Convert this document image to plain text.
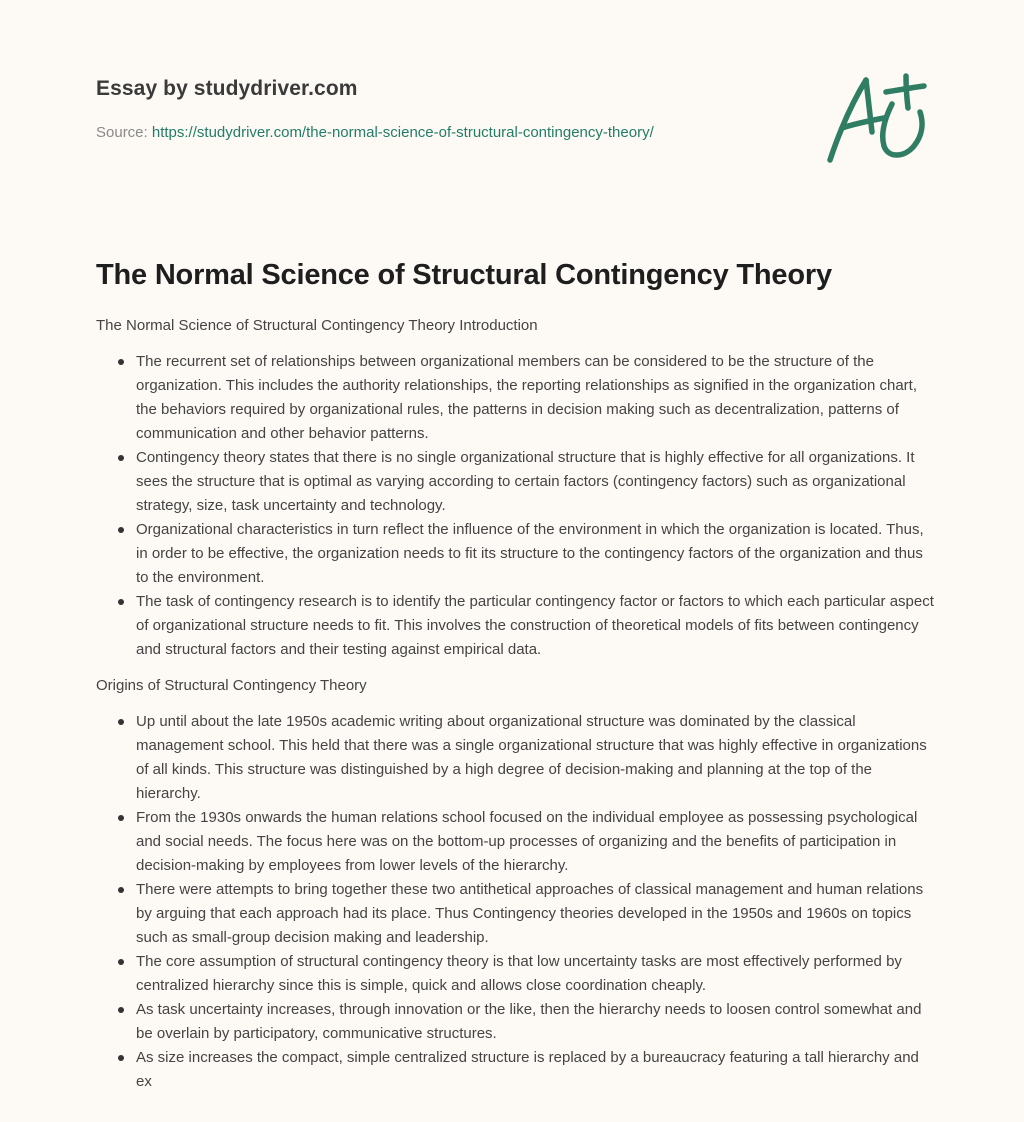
Essay by studydriver.com
Source: https://studydriver.com/the-normal-science-of-structural-contingency-theory/
The Normal Science of Structural Contingency Theory

The Normal Science of Structural Contingency Theory Introduction

The recurrent set of relationships between organizational members can be considered to be the structure of the organization. This includes the authority relationships, the reporting relationships as signified in the organization chart, the behaviors required by organizational rules, the patterns in decision making such as decentralization, patterns of communication and other behavior patterns.
Contingency theory states that there is no single organizational structure that is highly effective for all organizations. It sees the structure that is optimal as varying according to certain factors (contingency factors) such as organizational strategy, size, task uncertainty and technology.
Organizational characteristics in turn reflect the influence of the environment in which the organization is located. Thus, in order to be effective, the organization needs to fit its structure to the contingency factors of the organization and thus to the environment.
The task of contingency research is to identify the particular contingency factor or factors to which each particular aspect of organizational structure needs to fit. This involves the construction of theoretical models of fits between contingency and structural factors and their testing against empirical data.

Origins of Structural Contingency Theory

Up until about the late 1950s academic writing about organizational structure was dominated by the classical management school. This held that there was a single organizational structure that was highly effective in organizations of all kinds. This structure was distinguished by a high degree of decision-making and planning at the top of the hierarchy.
From the 1930s onwards the human relations school focused on the individual employee as possessing psychological and social needs. The focus here was on the bottom-up processes of organizing and the benefits of participation in decision-making by employees from lower levels of the hierarchy.
There were attempts to bring together these two antithetical approaches of classical management and human relations by arguing that each approach had its place. Thus Contingency theories developed in the 1950s and 1960s on topics such as small-group decision making and leadership.
The core assumption of structural contingency theory is that low uncertainty tasks are most effectively performed by centralized hierarchy since this is simple, quick and allows close coordination cheaply.
As task uncertainty increases, through innovation or the like, then the hierarchy needs to loosen control somewhat and be overlain by participatory, communicative structures.
As size increases the compact, simple centralized structure is replaced by a bureaucracy featuring a tall hierarchy and ex
